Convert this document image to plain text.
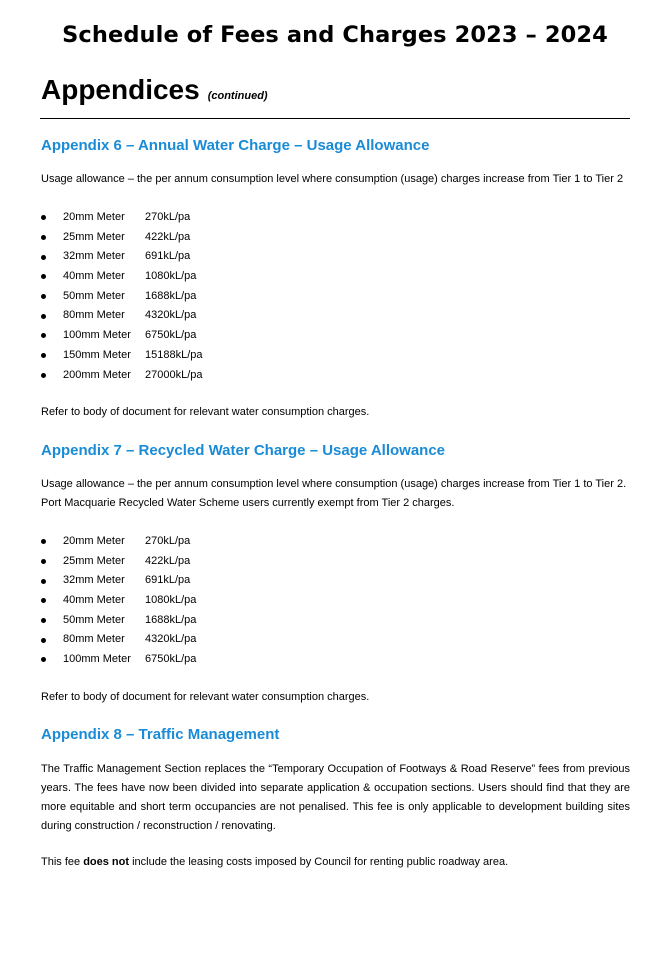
Schedule of Fees and Charges 2023 – 2024
Appendices (continued)
Appendix 6 – Annual Water Charge – Usage Allowance
Usage allowance – the per annum consumption level where consumption (usage) charges increase from Tier 1 to Tier 2
20mm Meter	270kL/pa
25mm Meter	422kL/pa
32mm Meter	691kL/pa
40mm Meter	1080kL/pa
50mm Meter	1688kL/pa
80mm Meter	4320kL/pa
100mm Meter	6750kL/pa
150mm Meter	15188kL/pa
200mm Meter	27000kL/pa
Refer to body of document for relevant water consumption charges.
Appendix 7 – Recycled Water Charge – Usage Allowance
Usage allowance – the per annum consumption level where consumption (usage) charges increase from Tier 1 to Tier 2.
Port Macquarie Recycled Water Scheme users currently exempt from Tier 2 charges.
20mm Meter	270kL/pa
25mm Meter	422kL/pa
32mm Meter	691kL/pa
40mm Meter	1080kL/pa
50mm Meter	1688kL/pa
80mm Meter	4320kL/pa
100mm Meter	6750kL/pa
Refer to body of document for relevant water consumption charges.
Appendix 8 – Traffic Management
The Traffic Management Section replaces the “Temporary Occupation of Footways & Road Reserve” fees from previous
years. The fees have now been divided into separate application & occupation sections. Users should find that they are
more equitable and short term occupancies are not penalised. This fee is only applicable to development building sites
during construction / reconstruction / renovating.
This fee does not include the leasing costs imposed by Council for renting public roadway area.
